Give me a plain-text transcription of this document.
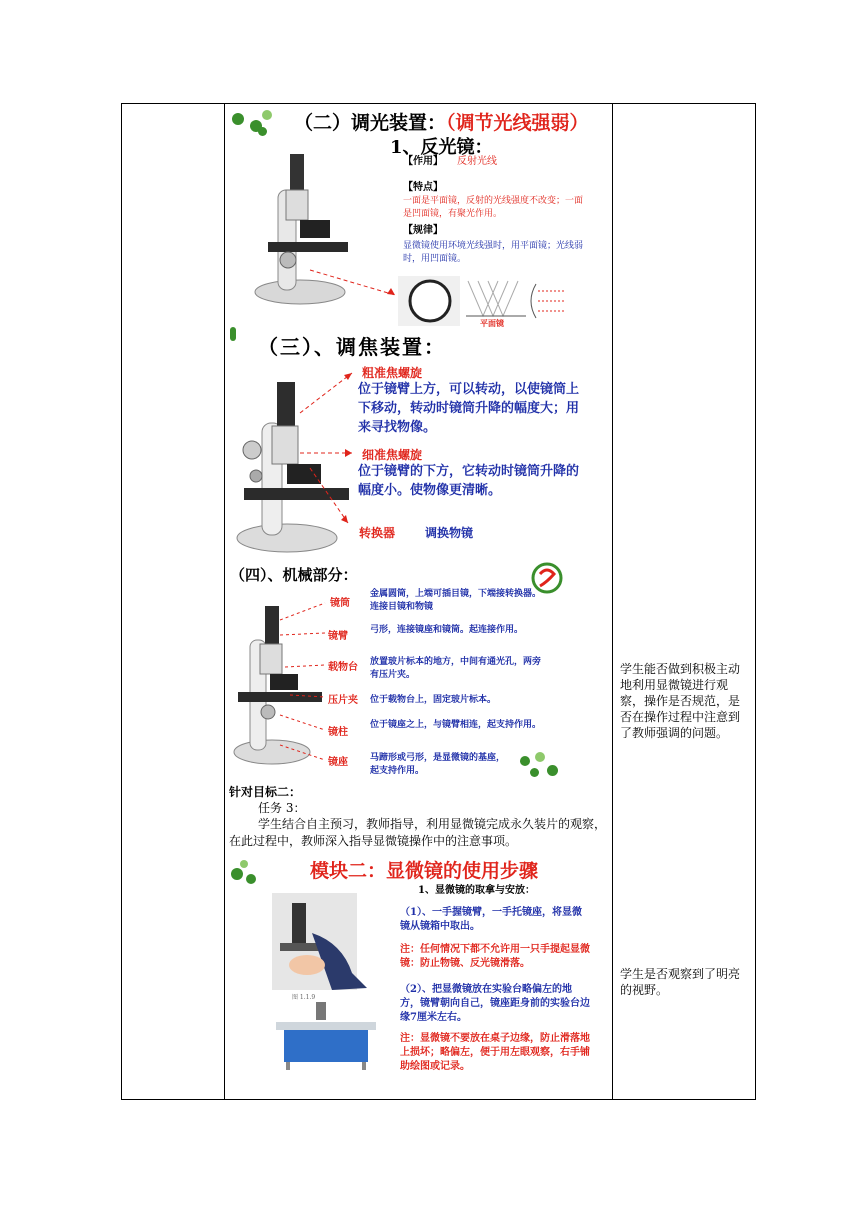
（二）调光装置：（调节光线强弱）
1、反光镜：
【作用】 反射光线
【特点】
一面是平面镜，反射的光线强度不改变；一面是凹面镜，有聚光作用。
【规律】
显微镜使用环境光线强时，用平面镜；光线弱时，用凹面镜。
平面镜
（三）、调焦装置：
粗准焦螺旋
位于镜臂上方，可以转动，以使镜筒上下移动，转动时镜筒升降的幅度大；用来寻找物像。
细准焦螺旋
位于镜臂的下方，它转动时镜筒升降的幅度小。使物像更清晰。
转换器 调换物镜
（四）、机械部分：
镜筒
金属圆筒，上端可插目镜，下端接转换器。连接目镜和物镜
镜臂
弓形，连接镜座和镜筒。起连接作用。
载物台 放置玻片标本的地方，中间有通光孔，两旁有压片夹。
压片夹 位于载物台上，固定玻片标本。
镜柱
位于镜座之上，与镜臂相连，起支持作用。
镜座 马蹄形或弓形，是显微镜的基座，起支持作用。
针对目标二：
任务 3：
学生结合自主预习，教师指导，利用显微镜完成永久装片的观察，在此过程中，教师深入指导显微镜操作中的注意事项。
模块二：显微镜的使用步骤
1、显微镜的取拿与安放：
图 1.1.9
（1）、一手握镜臂，一手托镜座，将显微镜从镜箱中取出。
注：任何情况下都不允许用一只手提起显微镜：防止物镜、反光镜滑落。
（2）、把显微镜放在实验台略偏左的地方，镜臂朝向自己，镜座距身前的实验台边缘7厘米左右。
注：显微镜不要放在桌子边缘，防止滑落地上损坏；略偏左，便于用左眼观察，右手铺助绘图或记录。
学生能否做到积极主动地利用显微镜进行观察，操作是否规范，是否在操作过程中注意到了教师强调的问题。
学生是否观察到了明亮的视野。
